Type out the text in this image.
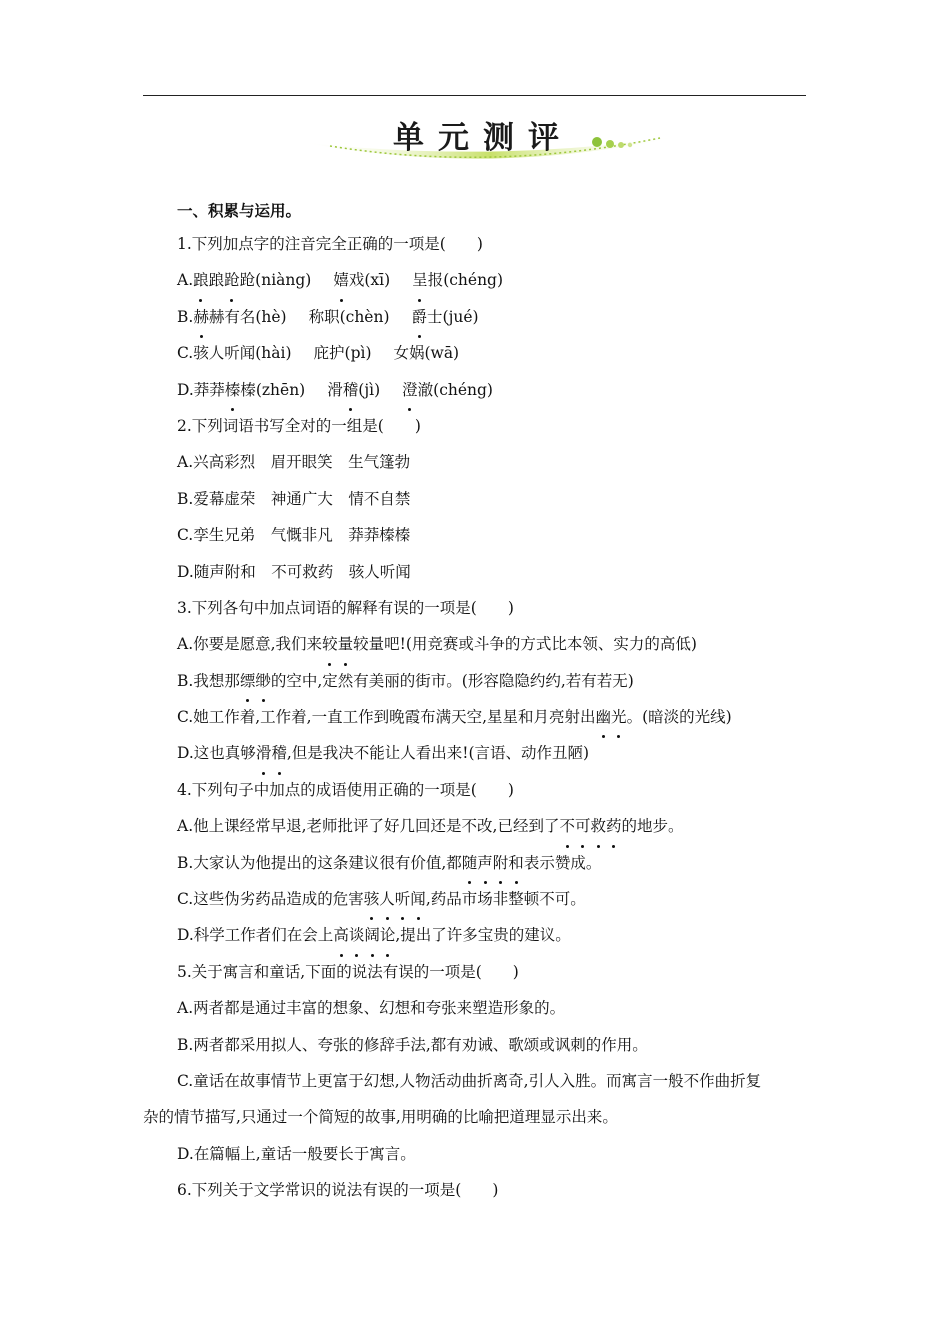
单元测评
一、积累与运用。
1.下列加点字的注音完全正确的一项是(　　)
A.踉踉跄跄(niàng) 嬉戏(xī) 呈报(chéng)
B.赫赫有名(hè) 称职(chèn) 爵士(jué)
C.骇人听闻(hài) 庇护(pì) 女娲(wā)
D.莽莽榛榛(zhēn) 滑稽(jì) 澄澈(chéng)
2.下列词语书写全对的一组是(　　)
A.兴高彩烈　眉开眼笑　生气篷勃
B.爱幕虚荣　神通广大　情不自禁
C.孪生兄弟　气慨非凡　莽莽榛榛
D.随声附和　不可救药　骇人听闻
3.下列各句中加点词语的解释有误的一项是(　　)
A.你要是愿意,我们来较量较量吧!(用竞赛或斗争的方式比本领、实力的高低)
B.我想那缥缈的空中,定然有美丽的街市。(形容隐隐约约,若有若无)
C.她工作着,工作着,一直工作到晚霞布满天空,星星和月亮射出幽光。(暗淡的光线)
D.这也真够滑稽,但是我决不能让人看出来!(言语、动作丑陋)
4.下列句子中加点的成语使用正确的一项是(　　)
A.他上课经常早退,老师批评了好几回还是不改,已经到了不可救药的地步。
B.大家认为他提出的这条建议很有价值,都随声附和表示赞成。
C.这些伪劣药品造成的危害骇人听闻,药品市场非整顿不可。
D.科学工作者们在会上高谈阔论,提出了许多宝贵的建议。
5.关于寓言和童话,下面的说法有误的一项是(　　)
A.两者都是通过丰富的想象、幻想和夸张来塑造形象的。
B.两者都采用拟人、夸张的修辞手法,都有劝诫、歌颂或讽刺的作用。
C.童话在故事情节上更富于幻想,人物活动曲折离奇,引人入胜。而寓言一般不作曲折复
杂的情节描写,只通过一个简短的故事,用明确的比喻把道理显示出来。
D.在篇幅上,童话一般要长于寓言。
6.下列关于文学常识的说法有误的一项是(　　)
